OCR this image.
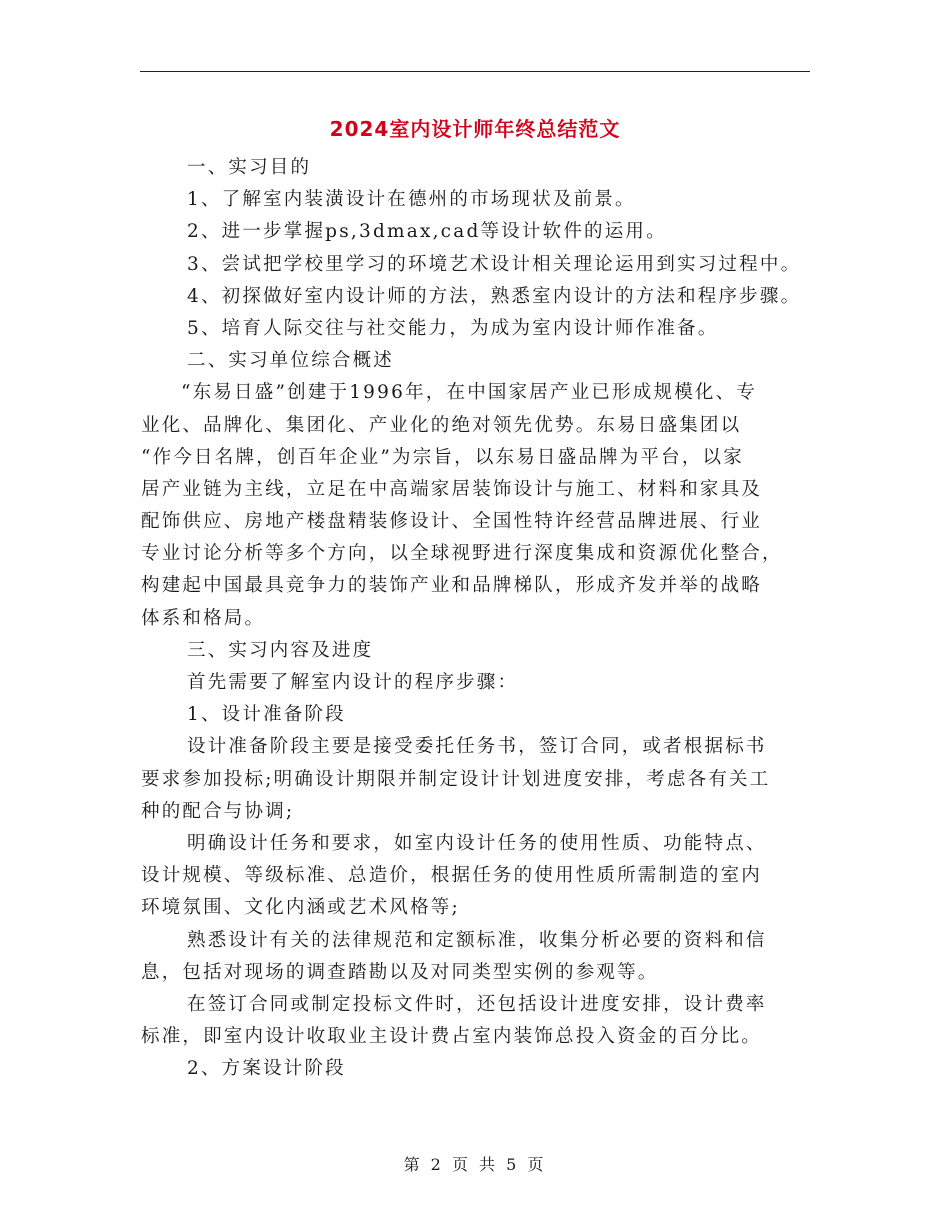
2024室内设计师年终总结范文
一、实习目的
1、了解室内装潢设计在德州的市场现状及前景。
2、进一步掌握ps,3dmax,cad等设计软件的运用。
3、尝试把学校里学习的环境艺术设计相关理论运用到实习过程中。
4、初探做好室内设计师的方法，熟悉室内设计的方法和程序步骤。
5、培育人际交往与社交能力，为成为室内设计师作准备。
二、实习单位综合概述
“东易日盛”创建于1996年，在中国家居产业已形成规模化、专
业化、品牌化、集团化、产业化的绝对领先优势。东易日盛集团以
“作今日名牌，创百年企业”为宗旨，以东易日盛品牌为平台，以家
居产业链为主线，立足在中高端家居装饰设计与施工、材料和家具及
配饰供应、房地产楼盘精装修设计、全国性特许经营品牌进展、行业
专业讨论分析等多个方向，以全球视野进行深度集成和资源优化整合，
构建起中国最具竞争力的装饰产业和品牌梯队，形成齐发并举的战略
体系和格局。
三、实习内容及进度
首先需要了解室内设计的程序步骤：
1、设计准备阶段
设计准备阶段主要是接受委托任务书，签订合同，或者根据标书
要求参加投标;明确设计期限并制定设计计划进度安排，考虑各有关工
种的配合与协调;
明确设计任务和要求，如室内设计任务的使用性质、功能特点、
设计规模、等级标准、总造价，根据任务的使用性质所需制造的室内
环境氛围、文化内涵或艺术风格等;
熟悉设计有关的法律规范和定额标准，收集分析必要的资料和信
息，包括对现场的调查踏勘以及对同类型实例的参观等。
在签订合同或制定投标文件时，还包括设计进度安排，设计费率
标准，即室内设计收取业主设计费占室内装饰总投入资金的百分比。
2、方案设计阶段
第 2 页 共 5 页
